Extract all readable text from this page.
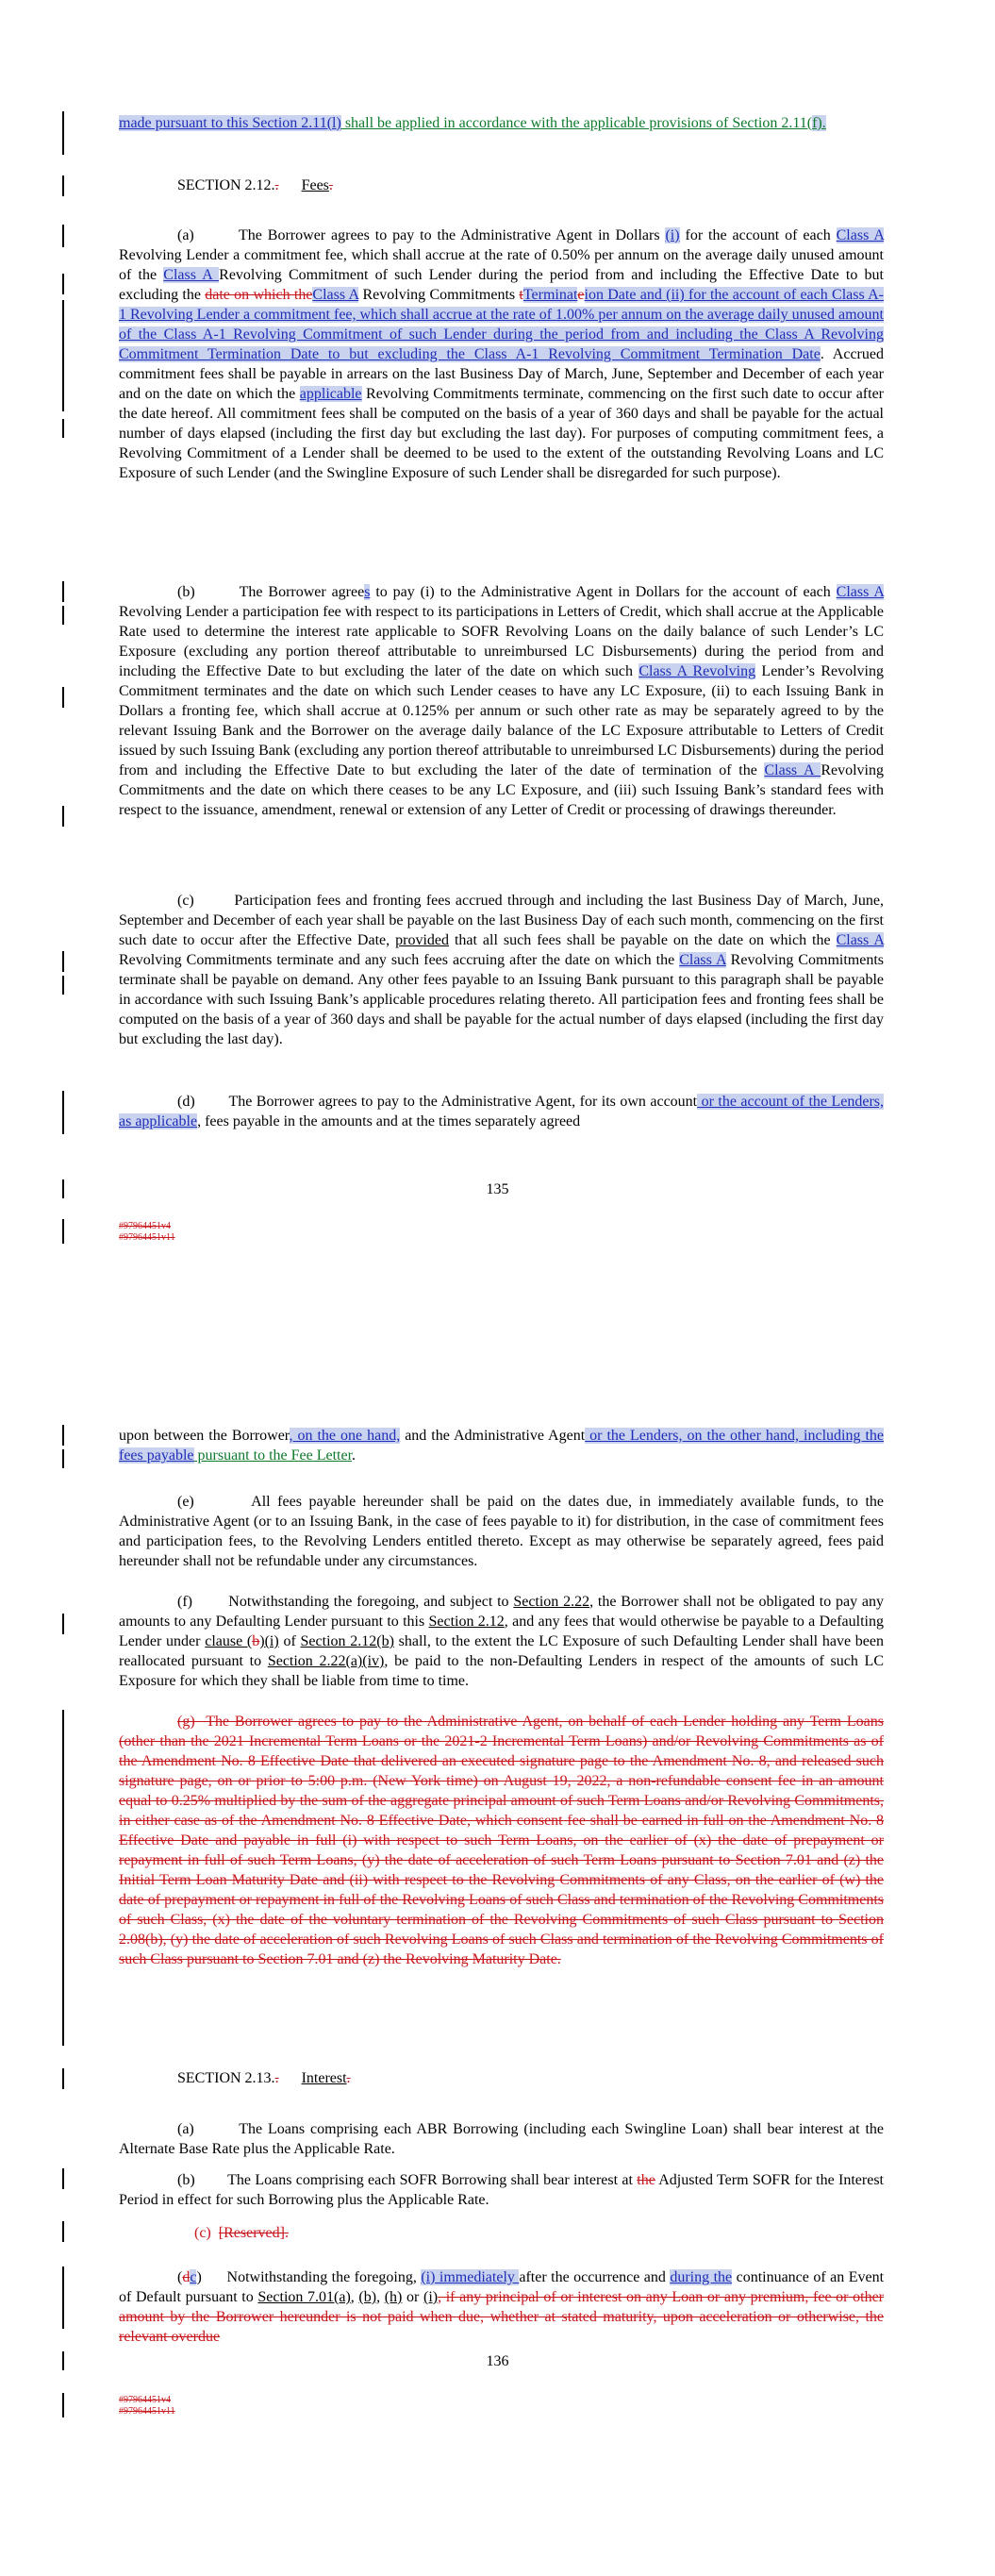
made pursuant to this Section 2.11(l) shall be applied in accordance with the applicable provisions of Section 2.11(f).
SECTION 2.12.. Fees.
(a)        The Borrower agrees to pay to the Administrative Agent in Dollars (i) for the account of each Class A Revolving Lender a commitment fee, which shall accrue at the rate of 0.50% per annum on the average daily unused amount of the Class A Revolving Commitment of such Lender during the period from and including the Effective Date to but excluding the date on which theClass A Revolving Commitments tTerminateion Date and (ii) for the account of each Class A-1 Revolving Lender a commitment fee, which shall accrue at the rate of 1.00% per annum on the average daily unused amount of the Class A-1 Revolving Commitment of such Lender during the period from and including the Class A Revolving Commitment Termination Date to but excluding the Class A-1 Revolving Commitment Termination Date. Accrued commitment fees shall be payable in arrears on the last Business Day of March, June, September and December of each year and on the date on which the applicable Revolving Commitments terminate, commencing on the first such date to occur after the date hereof. All commitment fees shall be computed on the basis of a year of 360 days and shall be payable for the actual number of days elapsed (including the first day but excluding the last day). For purposes of computing commitment fees, a Revolving Commitment of a Lender shall be deemed to be used to the extent of the outstanding Revolving Loans and LC Exposure of such Lender (and the Swingline Exposure of such Lender shall be disregarded for such purpose).
(b)        The Borrower agrees to pay (i) to the Administrative Agent in Dollars for the account of each Class A Revolving Lender a participation fee with respect to its participations in Letters of Credit, which shall accrue at the Applicable Rate used to determine the interest rate applicable to SOFR Revolving Loans on the daily balance of such Lender’s LC Exposure (excluding any portion thereof attributable to unreimbursed LC Disbursements) during the period from and including the Effective Date to but excluding the later of the date on which such Class A Revolving Lender’s Revolving Commitment terminates and the date on which such Lender ceases to have any LC Exposure, (ii) to each Issuing Bank in Dollars a fronting fee, which shall accrue at 0.125% per annum or such other rate as may be separately agreed to by the relevant Issuing Bank and the Borrower on the average daily balance of the LC Exposure attributable to Letters of Credit issued by such Issuing Bank (excluding any portion thereof attributable to unreimbursed LC Disbursements) during the period from and including the Effective Date to but excluding the later of the date of termination of the Class A Revolving Commitments and the date on which there ceases to be any LC Exposure, and (iii) such Issuing Bank’s standard fees with respect to the issuance, amendment, renewal or extension of any Letter of Credit or processing of drawings thereunder.
(c)        Participation fees and fronting fees accrued through and including the last Business Day of March, June, September and December of each year shall be payable on the last Business Day of each such month, commencing on the first such date to occur after the Effective Date, provided that all such fees shall be payable on the date on which the Class A Revolving Commitments terminate and any such fees accruing after the date on which the Class A Revolving Commitments terminate shall be payable on demand. Any other fees payable to an Issuing Bank pursuant to this paragraph shall be payable in accordance with such Issuing Bank’s applicable procedures relating thereto. All participation fees and fronting fees shall be computed on the basis of a year of 360 days and shall be payable for the actual number of days elapsed (including the first day but excluding the last day).
(d)        The Borrower agrees to pay to the Administrative Agent, for its own account or the account of the Lenders, as applicable, fees payable in the amounts and at the times separately agreed
135
#97964451v4
#97964451v11
upon between the Borrower, on the one hand, and the Administrative Agent or the Lenders, on the other hand, including the fees payable pursuant to the Fee Letter.
(e)        All fees payable hereunder shall be paid on the dates due, in immediately available funds, to the Administrative Agent (or to an Issuing Bank, in the case of fees payable to it) for distribution, in the case of commitment fees and participation fees, to the Revolving Lenders entitled thereto. Except as may otherwise be separately agreed, fees paid hereunder shall not be refundable under any circumstances.
(f)        Notwithstanding the foregoing, and subject to Section 2.22, the Borrower shall not be obligated to pay any amounts to any Defaulting Lender pursuant to this Section 2.12, and any fees that would otherwise be payable to a Defaulting Lender under clause (b)(i) of Section 2.12(b) shall, to the extent the LC Exposure of such Defaulting Lender shall have been reallocated pursuant to Section 2.22(a)(iv), be paid to the non-Defaulting Lenders in respect of the amounts of such LC Exposure for which they shall be liable from time to time.
(g)  The Borrower agrees to pay to the Administrative Agent, on behalf of each Lender holding any Term Loans (other than the 2021 Incremental Term Loans or the 2021-2 Incremental Term Loans) and/or Revolving Commitments as of the Amendment No. 8 Effective Date that delivered an executed signature page to the Amendment No. 8, and released such signature page, on or prior to 5:00 p.m. (New York time) on August 19, 2022, a non-refundable consent fee in an amount equal to 0.25% multiplied by the sum of the aggregate principal amount of such Term Loans and/or Revolving Commitments, in either case as of the Amendment No. 8 Effective Date, which consent fee shall be earned in full on the Amendment No. 8 Effective Date and payable in full (i) with respect to such Term Loans, on the earlier of (x) the date of prepayment or repayment in full of such Term Loans, (y) the date of acceleration of such Term Loans pursuant to Section 7.01 and (z) the Initial Term Loan Maturity Date and (ii) with respect to the Revolving Commitments of any Class, on the earlier of (w) the date of prepayment or repayment in full of the Revolving Loans of such Class and termination of the Revolving Commitments of such Class, (x) the date of the voluntary termination of the Revolving Commitments of such Class pursuant to Section 2.08(b), (y) the date of acceleration of such Revolving Loans of such Class and termination of the Revolving Commitments of such Class pursuant to Section 7.01 and (z) the Revolving Maturity Date.
SECTION 2.13.. Interest.
(a)        The Loans comprising each ABR Borrowing (including each Swingline Loan) shall bear interest at the Alternate Base Rate plus the Applicable Rate.
(b)        The Loans comprising each SOFR Borrowing shall bear interest at the Adjusted Term SOFR for the Interest Period in effect for such Borrowing plus the Applicable Rate.
(c) [Reserved].
(dc)      Notwithstanding the foregoing, (i) immediately after the occurrence and during the continuance of an Event of Default pursuant to Section 7.01(a), (b), (h) or (i), if any principal of or interest on any Loan or any premium, fee or other amount by the Borrower hereunder is not paid when due, whether at stated maturity, upon acceleration or otherwise, the relevant overdue
136
#97964451v4
#97964451v11
